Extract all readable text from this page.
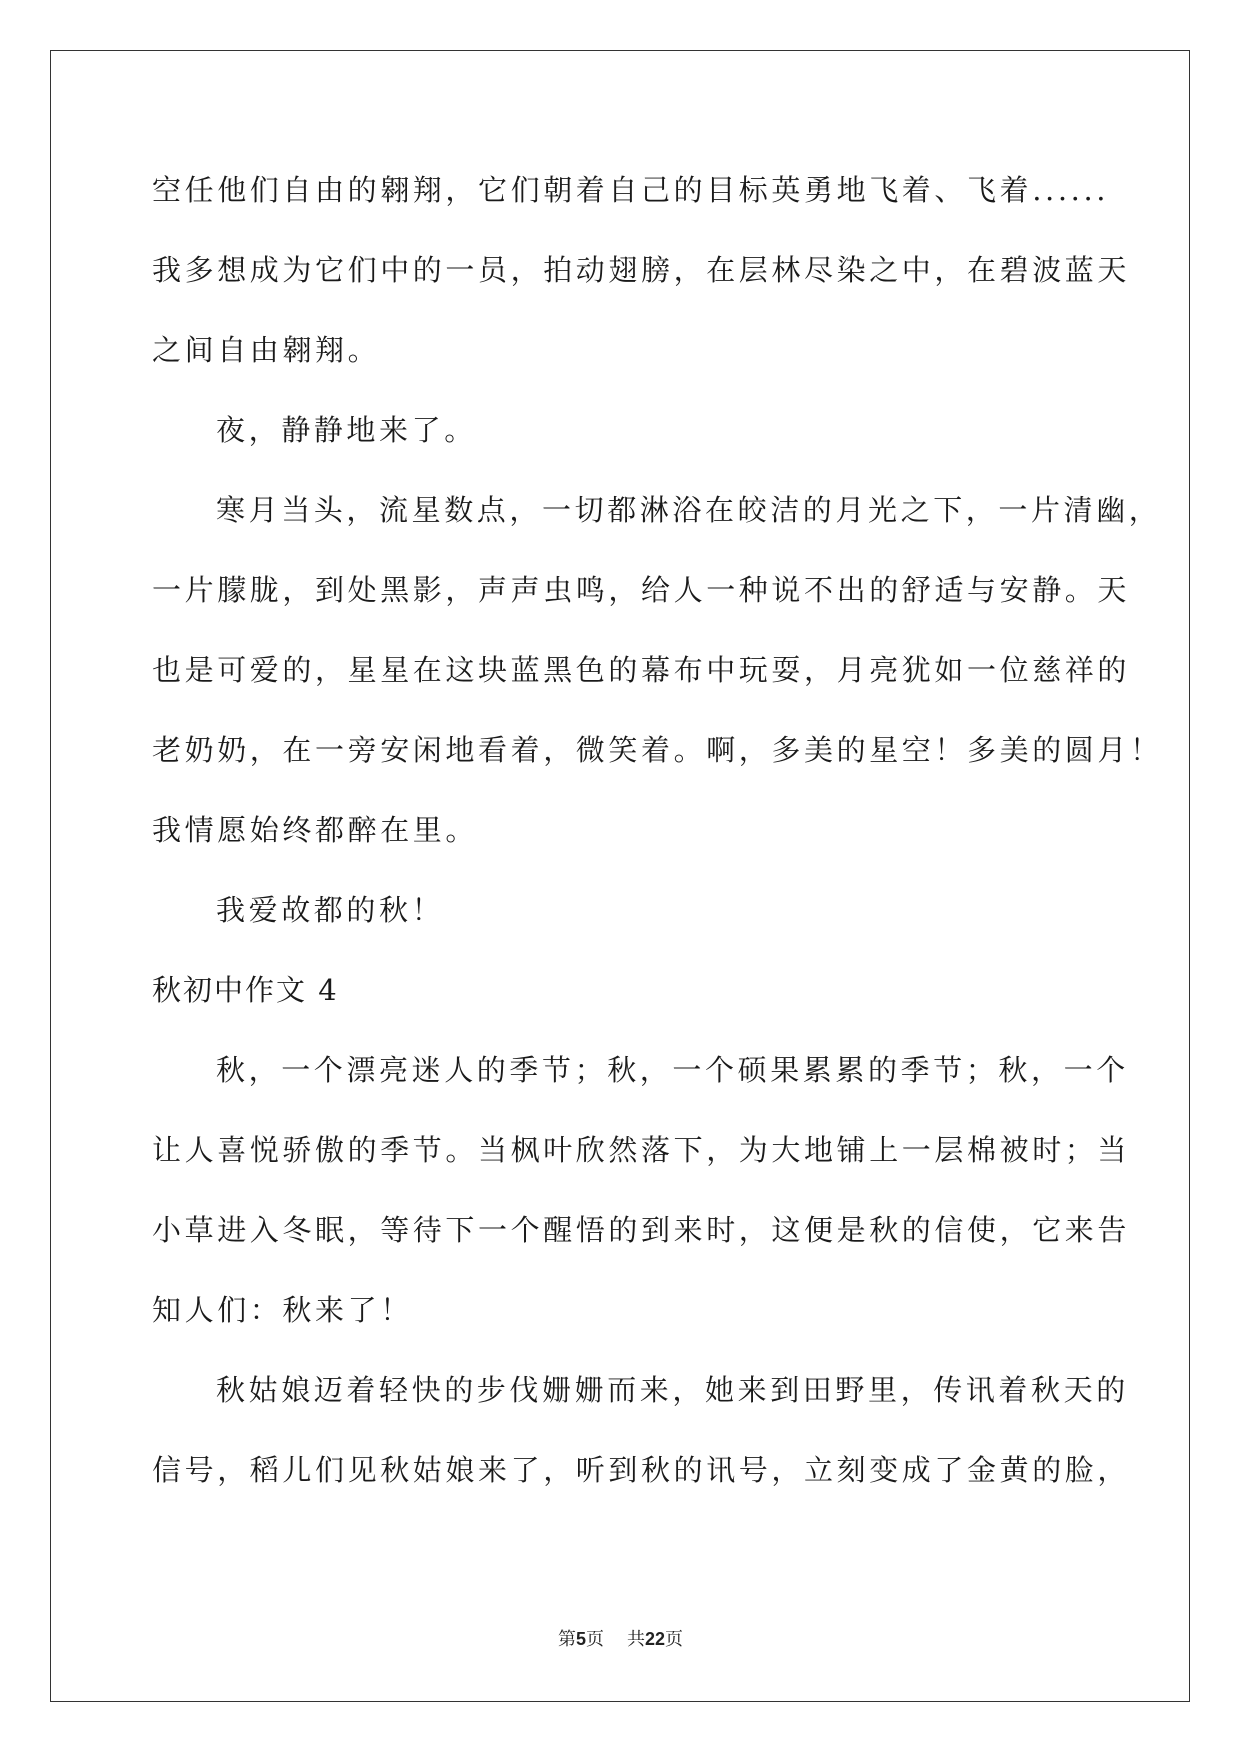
空任他们自由的翱翔，它们朝着自己的目标英勇地飞着、飞着......
我多想成为它们中的一员，拍动翅膀，在层林尽染之中，在碧波蓝天
之间自由翱翔。
夜，静静地来了。
寒月当头，流星数点，一切都淋浴在皎洁的月光之下，一片清幽，
一片朦胧，到处黑影，声声虫鸣，给人一种说不出的舒适与安静。天
也是可爱的，星星在这块蓝黑色的幕布中玩耍，月亮犹如一位慈祥的
老奶奶，在一旁安闲地看着，微笑着。啊，多美的星空！多美的圆月！
我情愿始终都醉在里。
我爱故都的秋！
秋初中作文 4
秋，一个漂亮迷人的季节；秋，一个硕果累累的季节；秋，一个
让人喜悦骄傲的季节。当枫叶欣然落下，为大地铺上一层棉被时；当
小草进入冬眠，等待下一个醒悟的到来时，这便是秋的信使，它来告
知人们：秋来了！
秋姑娘迈着轻快的步伐姗姗而来，她来到田野里，传讯着秋天的
信号，稻儿们见秋姑娘来了，听到秋的讯号，立刻变成了金黄的脸，
第5页 共22页
